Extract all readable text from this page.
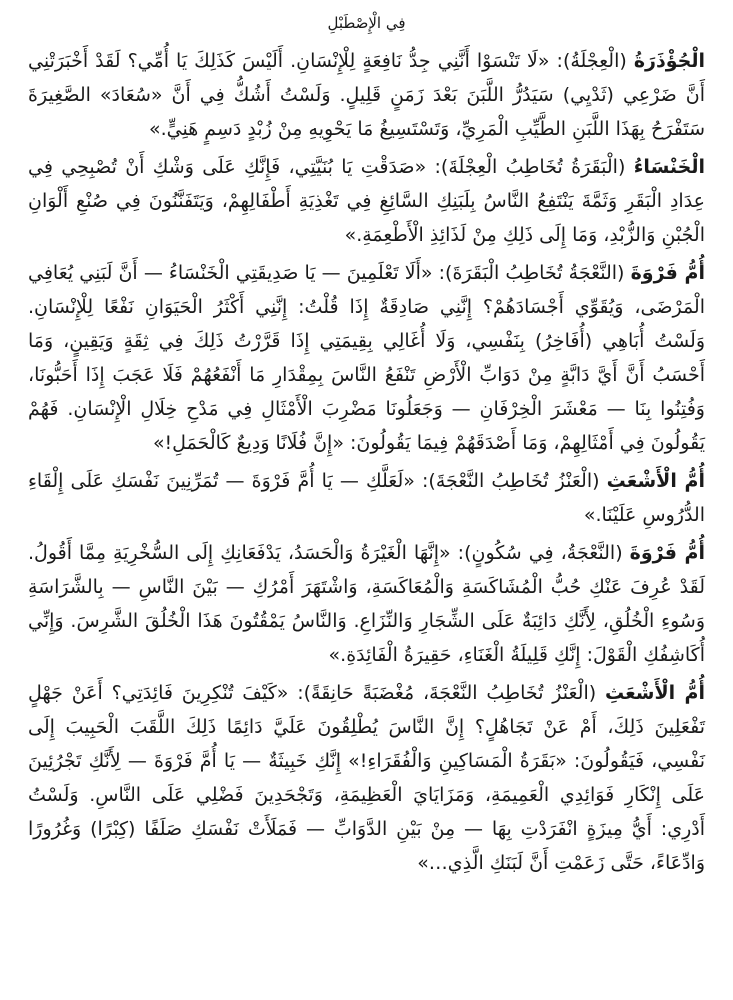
فِي الْإِصْطَبْلِ

الْجُؤْذَرَةُ (الْعِجْلَةُ): «لَا تَنْسَوْا أَنَّنِي جِدُّ نَافِعَةٍ لِلْإِنْسَانِ. أَلَيْسَ كَذَلِكَ يَا أُمِّي؟ لَقَدْ أَخْبَرَتْنِي أَنَّ ضَرْعِي (ثَدْيِي) سَيَدُرُّ اللَّبَنَ بَعْدَ زَمَنٍ قَلِيلٍ. وَلَسْتُ أَشُكُّ فِي أَنَّ «سُعَادَ» الصَّغِيرَةَ سَتَفْرَحُ بِهَذَا اللَّبَنِ الطَّيِّبِ الْمَرِيِّ، وَتَسْتَسِيغُ مَا يَحْوِيهِ مِنْ زُبْدٍ دَسِمٍ هَنِيٍّ.»

الْخَنْسَاءُ (الْبَقَرَةُ تُخَاطِبُ الْعِجْلَةَ): «صَدَقْتِ يَا بُنَيَّتِي، فَإِنَّكِ عَلَى وَشْكِ أَنْ تُصْبِحِي فِي عِدَادِ الْبَقَرِ وَثَمَّةَ يَنْتَفِعُ النَّاسُ بِلَبَنِكِ السَّائِغِ فِي تَغْذِيَةِ أَطْفَالِهِمْ، وَيَتَفَنَّنُونَ فِي صُنْعِ أَلْوَانِ الْجُبْنِ وَالزُّبْدِ، وَمَا إِلَى ذَلِكِ مِنْ لَذَائِذِ الْأَطْعِمَةِ.»

أُمُّ فَرْوَةَ (النَّعْجَةُ تُخَاطِبُ الْبَقَرَةَ): «أَلَا تَعْلَمِينَ — يَا صَدِيقَتِي الْخَنْسَاءُ — أَنَّ لَبَنِي يُعَافِي الْمَرْضَى، وَيُقَوِّي أَجْسَادَهُمْ؟ إِنَّنِي صَادِقَةٌ إِذَا قُلْتُ: إِنَّنِي أَكْثَرُ الْحَيَوَانِ نَفْعًا لِلْإِنْسَانِ. وَلَسْتُ أُبَاهِي (أُفَاخِرُ) بِنَفْسِي، وَلَا أُغَالِي بِقِيمَتِي إِذَا قَرَّرْتُ ذَلِكَ فِي ثِقَةٍ وَيَقِينٍ، وَمَا أَحْسَبُ أَنَّ أَيَّ دَابَّةٍ مِنْ دَوَابِّ الْأَرْضِ تَنْفَعُ النَّاسَ بِمِقْدَارِ مَا أَنْفَعُهُمْ فَلَا عَجَبَ إِذَا أَحَبُّونَا، وَفُتِنُوا بِنَا — مَعْشَرَ الْخِرْفَانِ — وَجَعَلُونَا مَضْرِبَ الْأَمْثَالِ فِي مَدْحِ خِلَالِ الْإِنْسَانِ. فَهُمْ يَقُولُونَ فِي أَمْثَالِهِمْ، وَمَا أَصْدَقَهُمْ فِيمَا يَقُولُونَ: «إِنَّ فُلَانًا وَدِيعٌ كَالْحَمَلِ!»

أُمُّ الْأَشْعَثِ (الْعَنْزُ تُخَاطِبُ النَّعْجَةَ): «لَعَلَّكِ — يَا أُمَّ فَرْوَةَ — تُمَرِّنِينَ نَفْسَكِ عَلَى إِلْقَاءِ الدُّرُوسِ عَلَيْنَا.»

أُمُّ فَرْوَةَ (النَّعْجَةُ، فِي سُكُونٍ): «إِنَّهَا الْغَيْرَةُ وَالْحَسَدُ، يَدْفَعَانِكِ إِلَى السُّخْرِيَةِ مِمَّا أَقُولُ. لَقَدْ عُرِفَ عَنْكِ حُبُّ الْمُشَاكَسَةِ وَالْمُعَاكَسَةِ، وَاشْتَهَرَ أَمْرُكِ — بَيْنَ النَّاسِ — بِالشَّرَاسَةِ وَسُوءِ الْخُلُقِ، لِأَنَّكِ دَائِبَةٌ عَلَى الشِّجَارِ وَالنِّزَاعِ. وَالنَّاسُ يَمْقُتُونَ هَذَا الْخُلُقَ الشَّرِسَ. وَإِنِّي أُكَاشِفُكِ الْقَوْلَ: إِنَّكِ قَلِيلَةُ الْغَنَاءِ، حَقِيرَةُ الْفَائِدَةِ.»

أُمُّ الْأَشْعَثِ (الْعَنْزُ تُخَاطِبُ النَّعْجَةَ، مُغْضَبَةً حَانِقَةً): «كَيْفَ تُنْكِرِينَ فَائِدَتِي؟ أَعَنْ جَهْلٍ تَفْعَلِينَ ذَلِكَ، أَمْ عَنْ تَجَاهُلٍ؟ إِنَّ النَّاسَ يُطْلِقُونَ عَلَيَّ دَائِمًا ذَلِكَ اللَّقَبَ الْحَبِيبَ إِلَى نَفْسِي، فَيَقُولُونَ: «بَقَرَةُ الْمَسَاكِينِ وَالْفُقَرَاءِ!» إِنَّكِ خَبِيثَةٌ — يَا أُمَّ فَرْوَةَ — لِأَنَّكِ تَجْرُئِينَ عَلَى إِنْكَارِ فَوَائِدِي الْعَمِيمَةِ، وَمَزَايَايَ الْعَظِيمَةِ، وَتَجْحَدِينَ فَضْلِي عَلَى النَّاسِ. وَلَسْتُ أَدْرِي: أَيُّ مِيزَةٍ انْفَرَدْتِ بِهَا — مِنْ بَيْنِ الدَّوَابِّ — فَمَلَأَتْ نَفْسَكِ صَلَفًا (كِبْرًا) وَغُرُورًا وَادِّعَاءً، حَتَّى زَعَمْتِ أَنَّ لَبَنَكِ الَّذِي…»
